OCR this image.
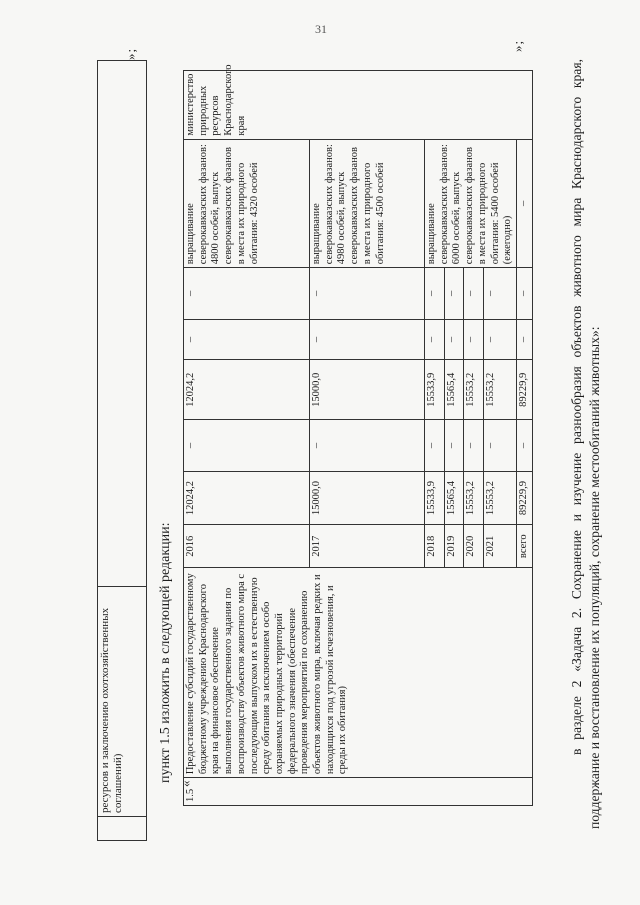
31
	ресурсов и заключению охотхозяйственных соглашений)	
»;
пункт 1.5 изложить в следующей редакции:
«
1.5	Предоставление субсидий государственному бюджетному учреждению Краснодарского края на финансовое обеспечение выполнения государственного задания по воспроизводству объектов животного мира с последующим выпуском их в естественную среду обитания за исключением особо охраняемых природных территорий федерального значения (обеспечение проведения мероприятий по сохранению объектов животного мира, включая редких и находящихся под угрозой исчезновения, и среды их обитания)	2016	12024,2	–	12024,2	–	–	выращивание северокавказских фазанов: 4800 особей, выпуск северокавказских фазанов в места их природного обитания: 4320 особей	министерство природных ресурсов Краснодарского края
		2017	15000,0	–	15000,0	–	–	выращивание северокавказских фазанов: 4980 особей, выпуск северокавказских фазанов в места их природного обитания: 4500 особей	
		2018	15533,9	–	15533,9	–	–	выращивание северокавказских фазанов: 6000 особей, выпуск северокавказских фазанов в места их природного обитания: 5400 особей (ежегодно)	
		2019	15565,4	–	15565,4	–	–		
		2020	15553,2	–	15553,2	–	–		
		2021	15553,2	–	15553,2	–	–		
		всего	89229,9	–	89229,9	–	–	–	

»;
в разделе 2 «Задача 2. Сохранение и изучение разнообразия объектов животного мира Краснодарского края, поддержание и восстановление их популяций, сохранение местообитаний животных»:
